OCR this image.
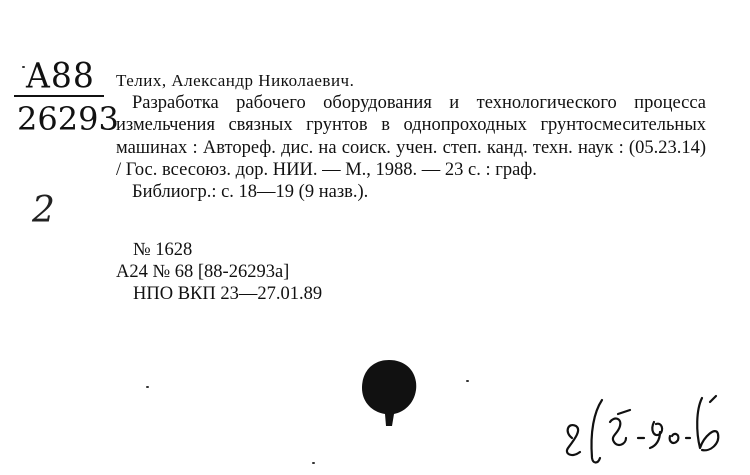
A88
26293
2

Телих, Александр Николаевич.

Разработка рабочего оборудования и технологического процесса измельчения связных грунтов в однопроходных грунтосмесительных машинах : Автореф. дис. на соиск. учен. степ. канд. техн. наук : (05.23.14) / Гос. всесоюз. дор. НИИ. — М., 1988. — 23 с. : граф.

Библиогр.: с. 18—19 (9 назв.).

№ 1628
А24 № 68 [88-26293а]
НПО ВКП 23—27.01.89
